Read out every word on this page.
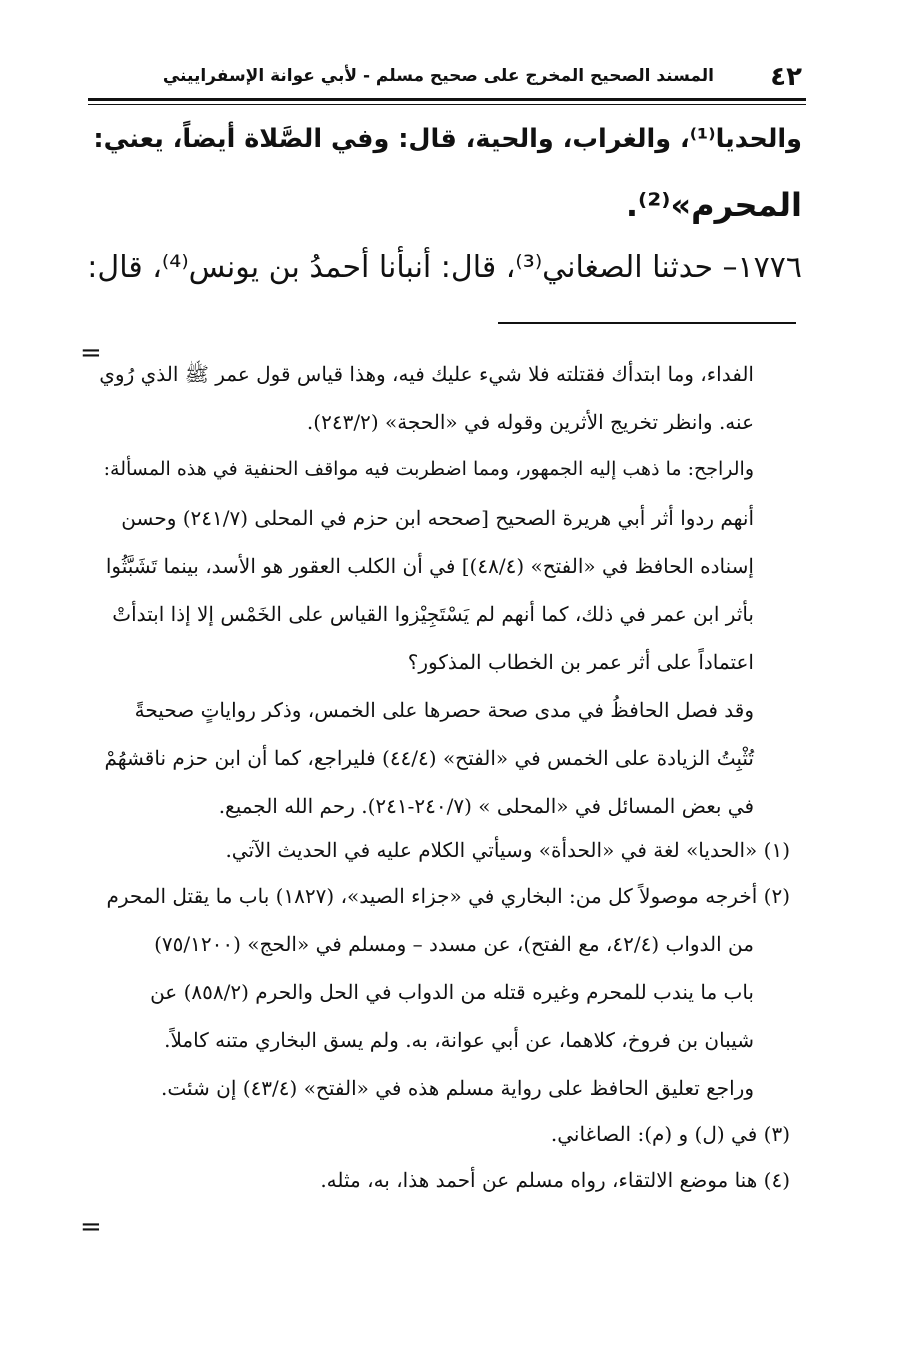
٤٢
المسند الصحيح المخرج على صحيح مسلم - لأبي عوانة الإسفراييني
والحديا⁽¹⁾، والغراب، والحية، قال: وفي الصَّلاة أيضاً، يعني:
المحرم»⁽²⁾.
١٧٧٦– حدثنا الصغاني⁽³⁾، قال: أنبأنا أحمدُ بن يونس⁽⁴⁾، قال:
=
الفداء، وما ابتدأك فقتلته فلا شيء عليك فيه، وهذا قياس قول عمر ﷺ الذي رُوي
عنه. وانظر تخريج الأثرين وقوله في «الحجة» (٢٤٣/٢).
والراجح: ما ذهب إليه الجمهور، ومما اضطربت فيه مواقف الحنفية في هذه المسألة:
أنهم ردوا أثر أبي هريرة الصحيح [صححه ابن حزم في المحلى (٢٤١/٧) وحسن
إسناده الحافظ في «الفتح» (٤٨/٤)] في أن الكلب العقور هو الأسد، بينما تَشَبَّثُوا
بأثر ابن عمر في ذلك، كما أنهم لم يَسْتَجِيْزوا القياس على الخَمْس إلا إذا ابتدأتْ
اعتماداً على أثر عمر بن الخطاب المذكور؟
وقد فصل الحافظُ في مدى صحة حصرها على الخمس، وذكر رواياتٍ صحيحةً
تُثْبِتُ الزيادة على الخمس في «الفتح» (٤٤/٤) فليراجع، كما أن ابن حزم ناقشهُمْ
في بعض المسائل في «المحلى » (٢٤٠/٧-٢٤١). رحم الله الجميع.
(١) «الحديا» لغة في «الحدأة» وسيأتي الكلام عليه في الحديث الآتي.
(٢) أخرجه موصولاً كل من: البخاري في «جزاء الصيد»، (١٨٢٧) باب ما يقتل المحرم
من الدواب (٤٢/٤، مع الفتح)، عن مسدد – ومسلم في «الحج» (٧٥/١٢٠٠)
باب ما يندب للمحرم وغيره قتله من الدواب في الحل والحرم (٨٥٨/٢) عن
شيبان بن فروخ، كلاهما، عن أبي عوانة، به. ولم يسق البخاري متنه كاملاً.
وراجع تعليق الحافظ على رواية مسلم هذه في «الفتح» (٤٣/٤) إن شئت.
(٣) في (ل) و (م): الصاغاني.
(٤) هنا موضع الالتقاء، رواه مسلم عن أحمد هذا، به، مثله.
=
